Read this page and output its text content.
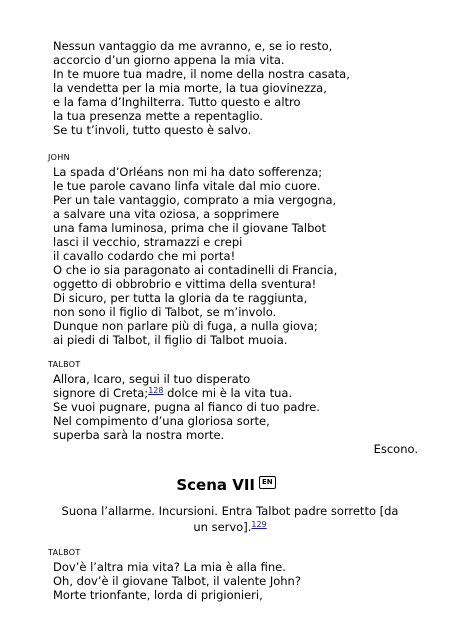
Nessun vantaggio da me avranno, e, se io resto,
accorcio d’un giorno appena la mia vita.
In te muore tua madre, il nome della nostra casata,
la vendetta per la mia morte, la tua giovinezza,
e la fama d’Inghilterra. Tutto questo e altro
la tua presenza mette a repentaglio.
Se tu t’involi, tutto questo è salvo.
JOHN
La spada d’Orléans non mi ha dato sofferenza;
le tue parole cavano linfa vitale dal mio cuore.
Per un tale vantaggio, comprato a mia vergogna,
a salvare una vita oziosa, a sopprimere
una fama luminosa, prima che il giovane Talbot
lasci il vecchio, stramazzi e crepi
il cavallo codardo che mi porta!
O che io sia paragonato ai contadinelli di Francia,
oggetto di obbrobrio e vittima della sventura!
Di sicuro, per tutta la gloria da te raggiunta,
non sono il figlio di Talbot, se m’involo.
Dunque non parlare più di fuga, a nulla giova;
ai piedi di Talbot, il figlio di Talbot muoia.
TALBOT
Allora, Icaro, segui il tuo disperato
signore di Creta;$^{128}$ dolce mi è la vita tua.
Se vuoi pugnare, pugna al fianco di tuo padre.
Nel compimento d’una gloriosa sorte,
superba sarà la nostra morte.
Escono.
Scena VII EN
Suona l’allarme. Incursioni. Entra Talbot padre sorretto [da un servo].$^{129}$
TALBOT
Dov’è l’altra mia vita? La mia è alla fine.
Oh, dov’è il giovane Talbot, il valente John?
Morte trionfante, lorda di prigionieri,
